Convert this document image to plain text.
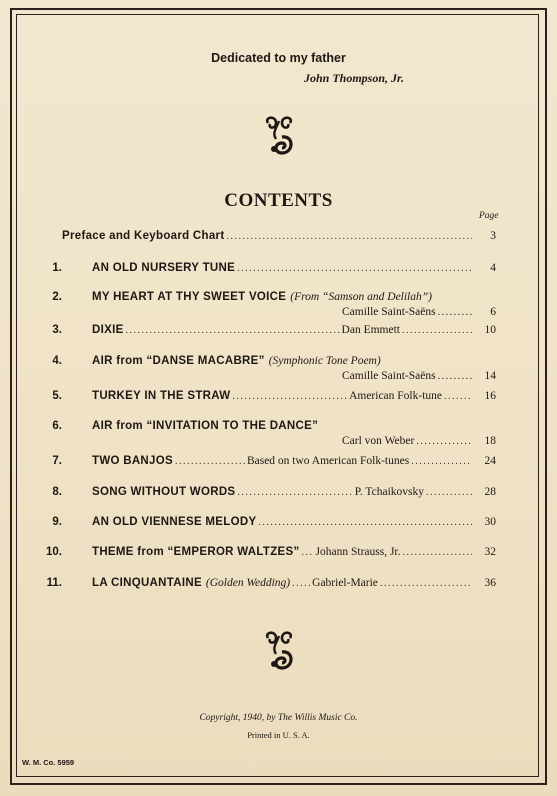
Dedicated to my father
John Thompson, Jr.
CONTENTS
Page
Preface and Keyboard Chart .....	3
1.	AN OLD NURSERY TUNE .....	4
2.	MY HEART AT THY SWEET VOICE (From “Samson and Delilah”)
Camille Saint-Saëns .....	6
3.	DIXIE .....	Dan Emmett .....	10
4.	AIR from “DANSE MACABRE” (Symphonic Tone Poem)
Camille Saint-Saëns .....	14
5.	TURKEY IN THE STRAW .....	American Folk-tune .....	16
6.	AIR from “INVITATION TO THE DANCE”
Carl von Weber .....	18
7.	TWO BANJOS .....	Based on two American Folk-tunes .....	24
8.	SONG WITHOUT WORDS .....	P. Tchaikovsky .....	28
9.	AN OLD VIENNESE MELODY .....	30
10.	THEME from “EMPEROR WALTZES” ..... Johann Strauss, Jr. .....	32
11.	LA CINQUANTAINE (Golden Wedding) ..... Gabriel-Marie .....	36
Copyright, 1940, by The Willis Music Co.
Printed in U. S. A.
W. M. Co. 5959
